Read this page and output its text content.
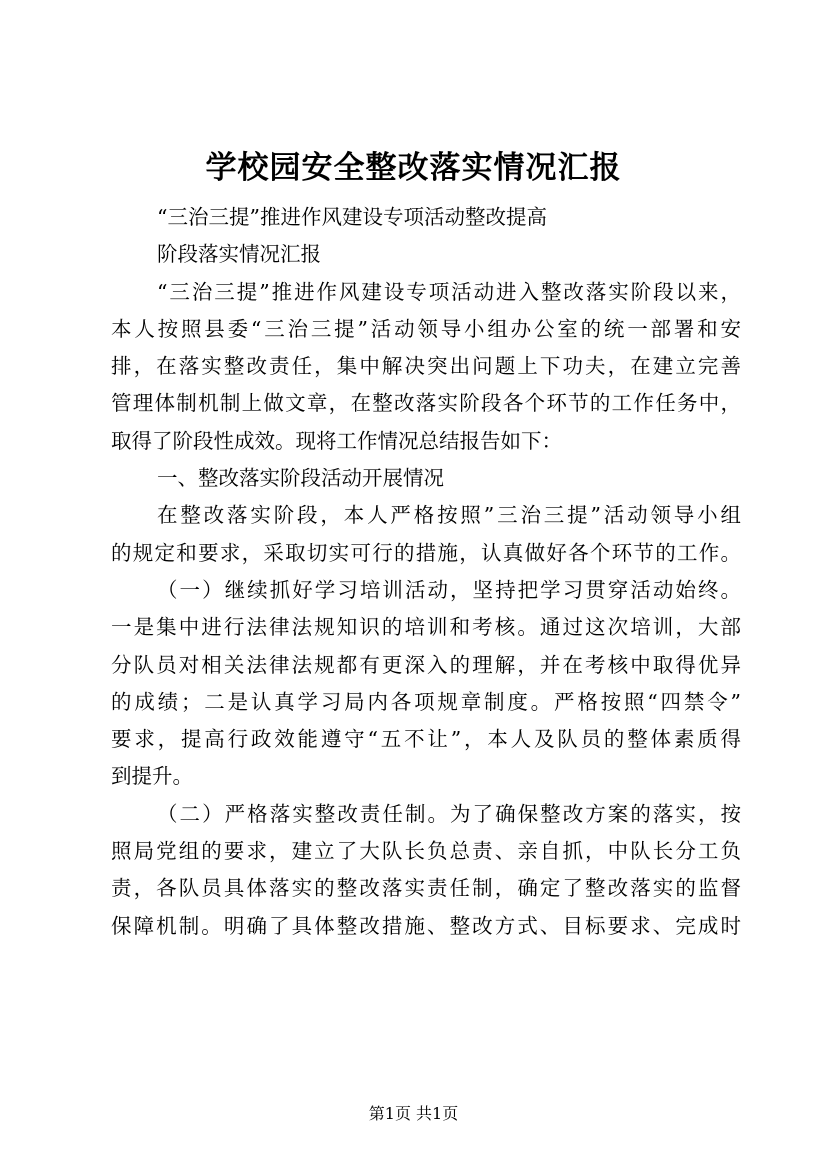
学校园安全整改落实情况汇报
“三治三提”推进作风建设专项活动整改提高
阶段落实情况汇报
“三治三提”推进作风建设专项活动进入整改落实阶段以来，
本人按照县委“三治三提”活动领导小组办公室的统一部署和安
排，在落实整改责任，集中解决突出问题上下功夫，在建立完善
管理体制机制上做文章，在整改落实阶段各个环节的工作任务中，
取得了阶段性成效。现将工作情况总结报告如下：
一、整改落实阶段活动开展情况
在整改落实阶段，本人严格按照”三治三提”活动领导小组
的规定和要求，采取切实可行的措施，认真做好各个环节的工作。
（一）继续抓好学习培训活动，坚持把学习贯穿活动始终。
一是集中进行法律法规知识的培训和考核。通过这次培训，大部
分队员对相关法律法规都有更深入的理解，并在考核中取得优异
的成绩；二是认真学习局内各项规章制度。严格按照“四禁令”
要求，提高行政效能遵守“五不让”，本人及队员的整体素质得
到提升。
（二）严格落实整改责任制。为了确保整改方案的落实，按
照局党组的要求，建立了大队长负总责、亲自抓，中队长分工负
责，各队员具体落实的整改落实责任制，确定了整改落实的监督
保障机制。明确了具体整改措施、整改方式、目标要求、完成时
第1页 共1页
